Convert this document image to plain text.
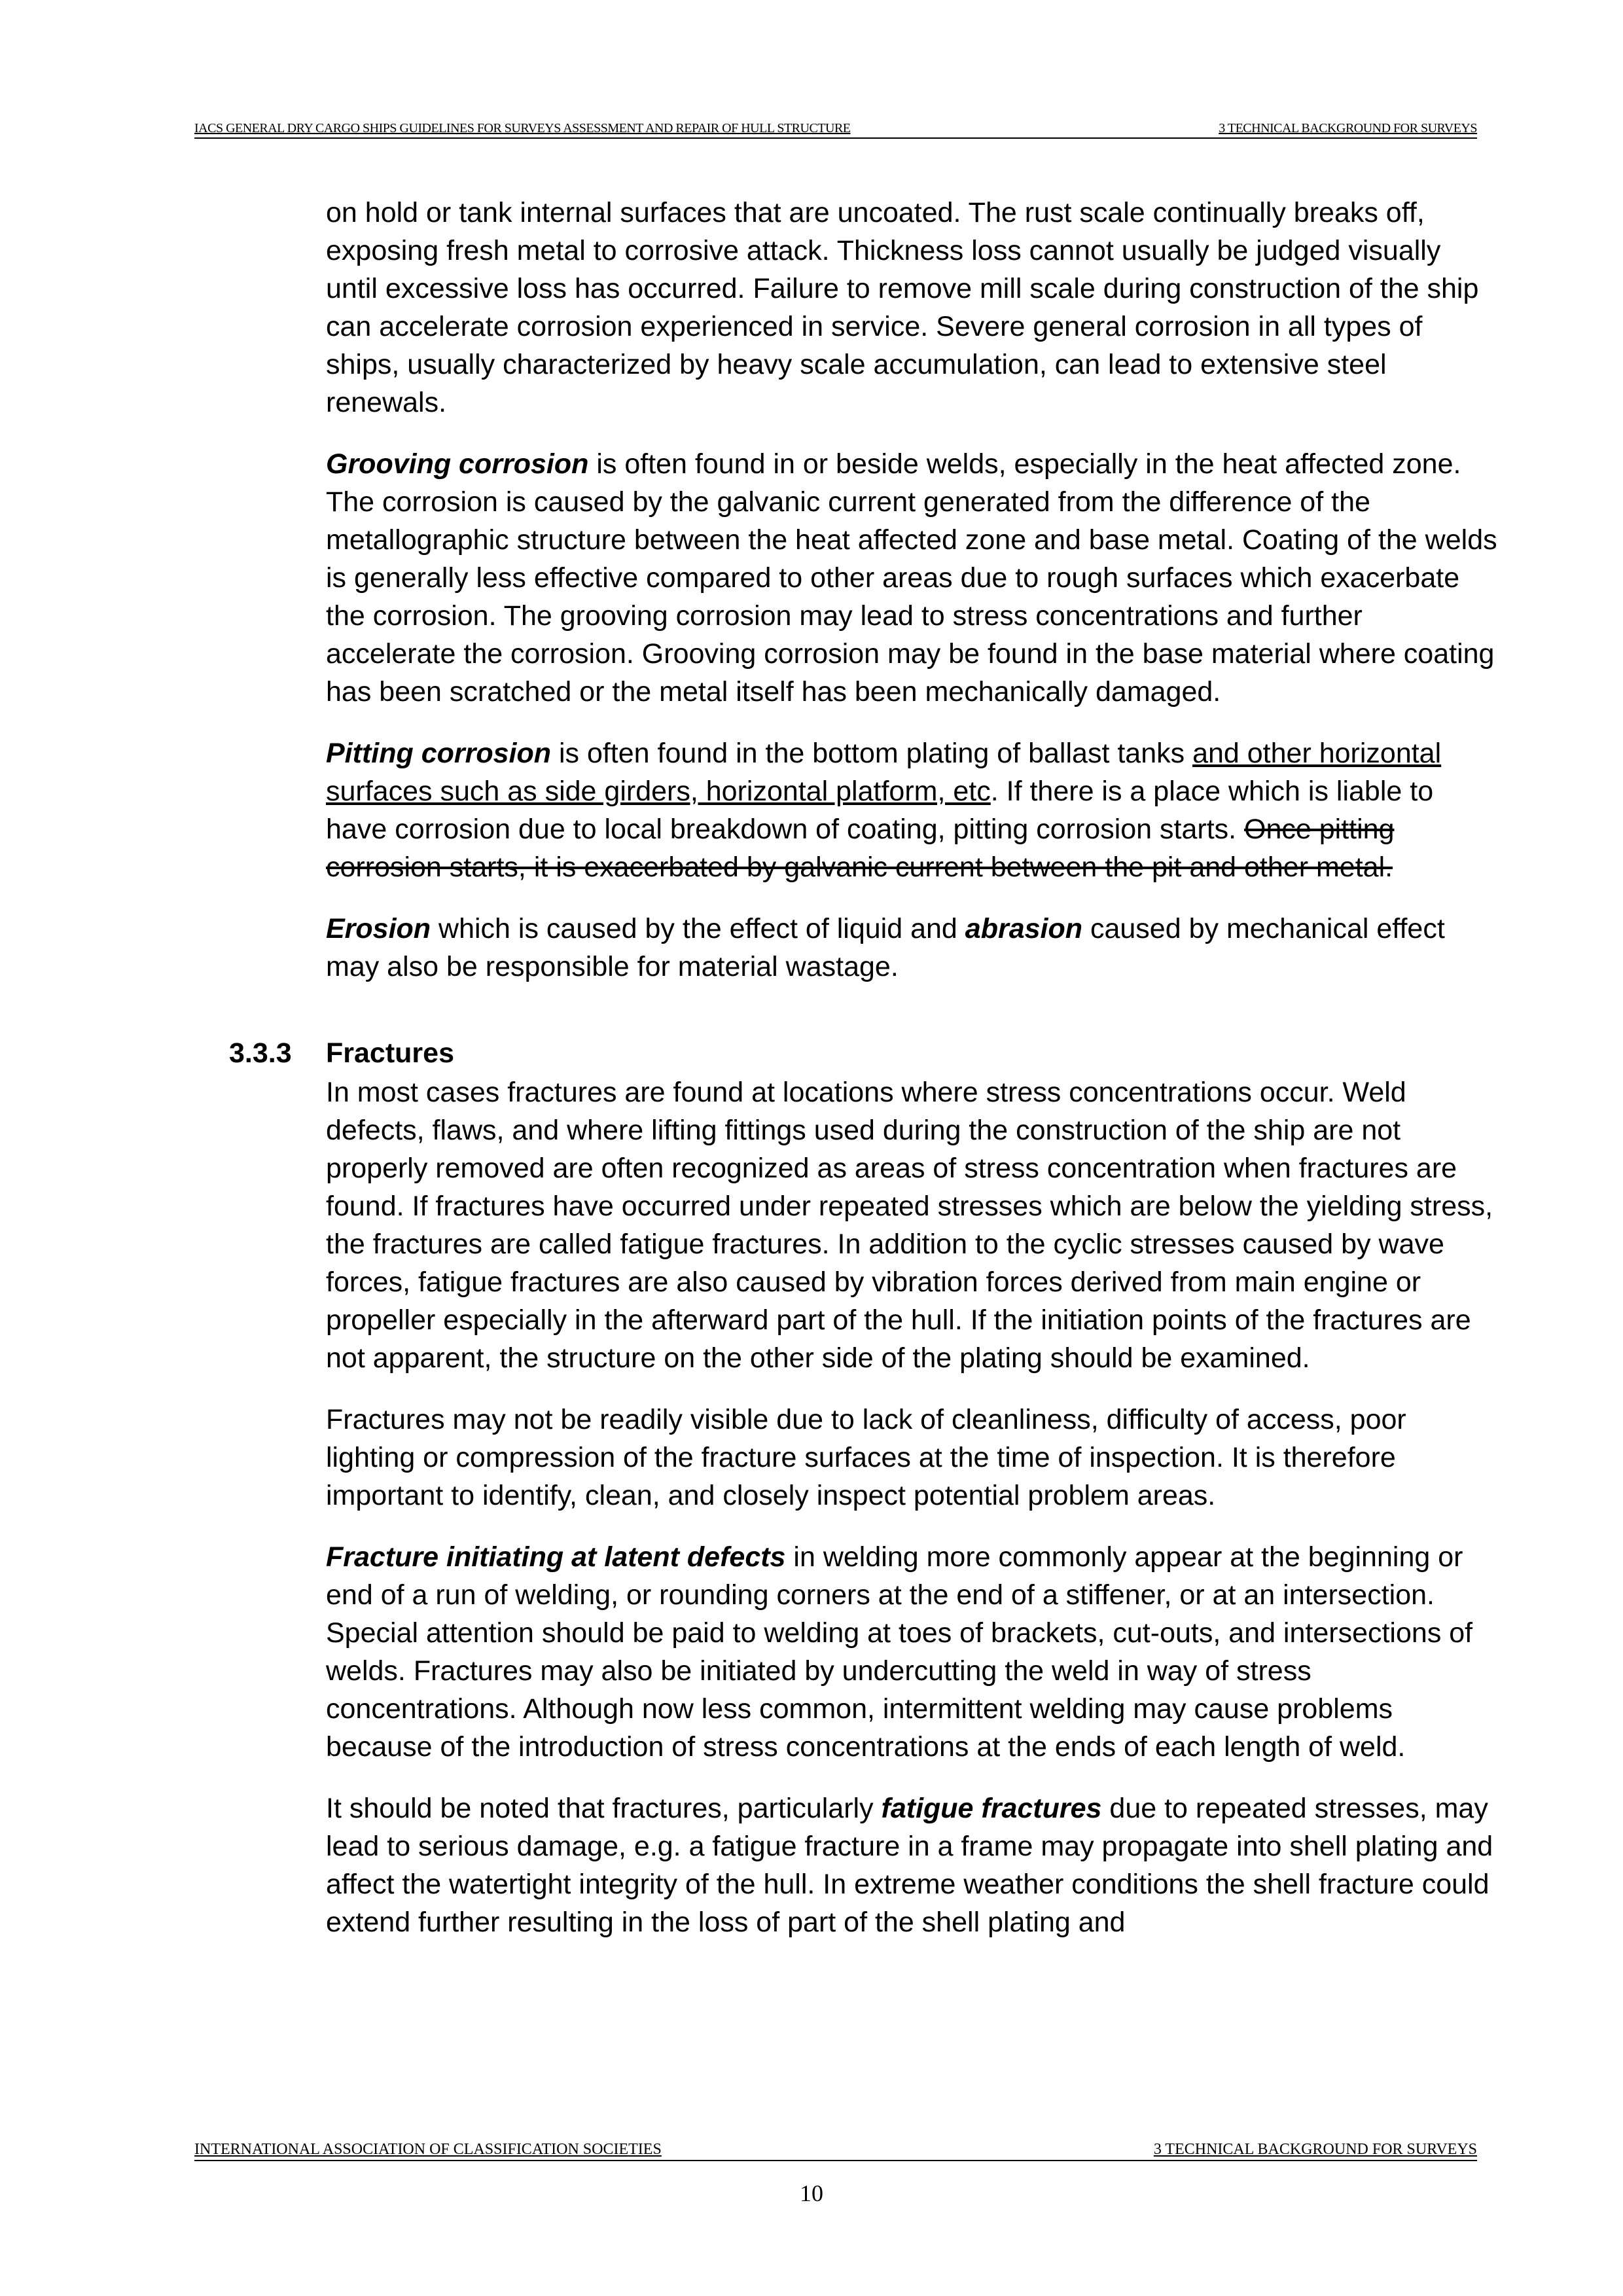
IACS GENERAL DRY CARGO SHIPS GUIDELINES FOR SURVEYS ASSESSMENT AND REPAIR OF HULL STRUCTURE	3 TECHNICAL BACKGROUND FOR SURVEYS

on hold or tank internal surfaces that are uncoated. The rust scale continually breaks off, exposing fresh metal to corrosive attack. Thickness loss cannot usually be judged visually until excessive loss has occurred. Failure to remove mill scale during construction of the ship can accelerate corrosion experienced in service. Severe general corrosion in all types of ships, usually characterized by heavy scale accumulation, can lead to extensive steel renewals.

Grooving corrosion is often found in or beside welds, especially in the heat affected zone. The corrosion is caused by the galvanic current generated from the difference of the metallographic structure between the heat affected zone and base metal. Coating of the welds is generally less effective compared to other areas due to rough surfaces which exacerbate the corrosion. The grooving corrosion may lead to stress concentrations and further accelerate the corrosion. Grooving corrosion may be found in the base material where coating has been scratched or the metal itself has been mechanically damaged.

Pitting corrosion is often found in the bottom plating of ballast tanks and other horizontal surfaces such as side girders, horizontal platform, etc. If there is a place which is liable to have corrosion due to local breakdown of coating, pitting corrosion starts. Once pitting corrosion starts, it is exacerbated by galvanic current between the pit and other metal.

Erosion which is caused by the effect of liquid and abrasion caused by mechanical effect may also be responsible for material wastage.

3.3.3 Fractures

In most cases fractures are found at locations where stress concentrations occur. Weld defects, flaws, and where lifting fittings used during the construction of the ship are not properly removed are often recognized as areas of stress concentration when fractures are found. If fractures have occurred under repeated stresses which are below the yielding stress, the fractures are called fatigue fractures. In addition to the cyclic stresses caused by wave forces, fatigue fractures are also caused by vibration forces derived from main engine or propeller especially in the afterward part of the hull. If the initiation points of the fractures are not apparent, the structure on the other side of the plating should be examined.

Fractures may not be readily visible due to lack of cleanliness, difficulty of access, poor lighting or compression of the fracture surfaces at the time of inspection. It is therefore important to identify, clean, and closely inspect potential problem areas.

Fracture initiating at latent defects in welding more commonly appear at the beginning or end of a run of welding, or rounding corners at the end of a stiffener, or at an intersection. Special attention should be paid to welding at toes of brackets, cut-outs, and intersections of welds. Fractures may also be initiated by undercutting the weld in way of stress concentrations. Although now less common, intermittent welding may cause problems because of the introduction of stress concentrations at the ends of each length of weld.

It should be noted that fractures, particularly fatigue fractures due to repeated stresses, may lead to serious damage, e.g. a fatigue fracture in a frame may propagate into shell plating and affect the watertight integrity of the hull. In extreme weather conditions the shell fracture could extend further resulting in the loss of part of the shell plating and

INTERNATIONAL ASSOCIATION OF CLASSIFICATION SOCIETIES	3 TECHNICAL BACKGROUND FOR SURVEYS
10
